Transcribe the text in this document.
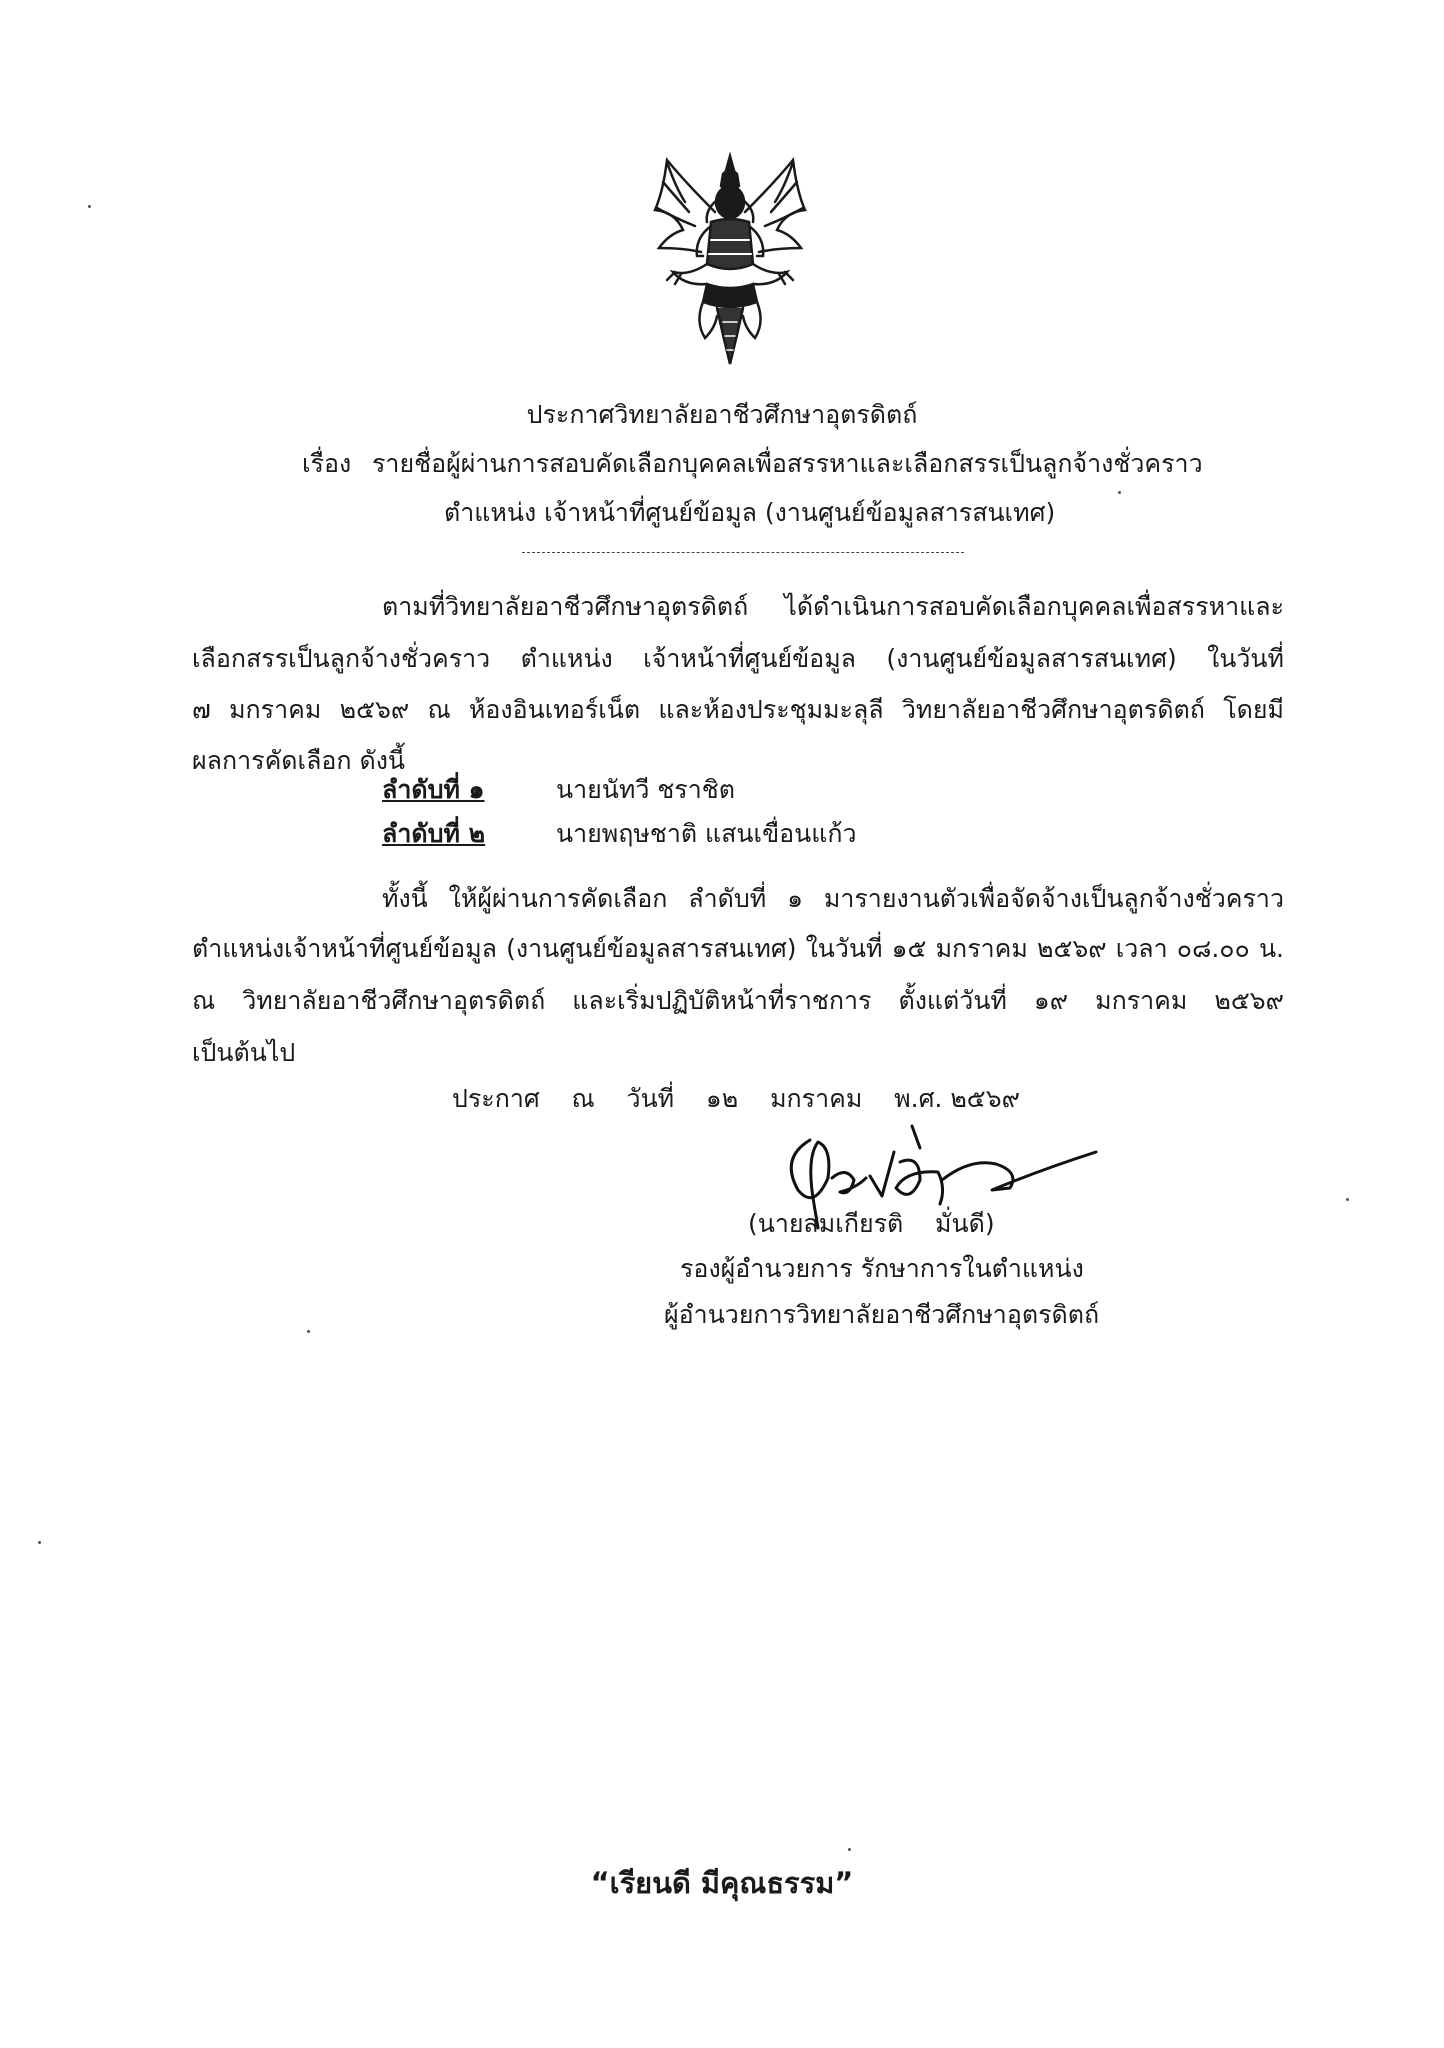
ประกาศวิทยาลัยอาชีวศึกษาอุตรดิตถ์
เรื่อง รายชื่อผู้ผ่านการสอบคัดเลือกบุคคลเพื่อสรรหาและเลือกสรรเป็นลูกจ้างชั่วคราว
ตำแหน่ง เจ้าหน้าที่ศูนย์ข้อมูล (งานศูนย์ข้อมูลสารสนเทศ)
ตามที่วิทยาลัยอาชีวศึกษาอุตรดิตถ์ ได้ดำเนินการสอบคัดเลือกบุคคลเพื่อสรรหาและ
เลือกสรรเป็นลูกจ้างชั่วคราว ตำแหน่ง เจ้าหน้าที่ศูนย์ข้อมูล (งานศูนย์ข้อมูลสารสนเทศ) ในวันที่
๗ มกราคม ๒๕๖๙ ณ ห้องอินเทอร์เน็ต และห้องประชุมมะลุลี วิทยาลัยอาชีวศึกษาอุตรดิตถ์ โดยมี
ผลการคัดเลือก ดังนี้
ลำดับที่ ๑	นายนัทวี ชราชิต
ลำดับที่ ๒	นายพฤษชาติ แสนเขื่อนแก้ว
ทั้งนี้ ให้ผู้ผ่านการคัดเลือก ลำดับที่ ๑ มารายงานตัวเพื่อจัดจ้างเป็นลูกจ้างชั่วคราว
ตำแหน่งเจ้าหน้าที่ศูนย์ข้อมูล (งานศูนย์ข้อมูลสารสนเทศ) ในวันที่ ๑๕ มกราคม ๒๕๖๙ เวลา ๐๘.๐๐ น.
ณ วิทยาลัยอาชีวศึกษาอุตรดิตถ์ และเริ่มปฏิบัติหน้าที่ราชการ ตั้งแต่วันที่ ๑๙ มกราคม ๒๕๖๙
เป็นต้นไป
ประกาศ    ณ    วันที่    ๑๒    มกราคม    พ.ศ. ๒๕๖๙
(นายสมเกียรติ    มั่นดี)
รองผู้อำนวยการ รักษาการในตำแหน่ง
ผู้อำนวยการวิทยาลัยอาชีวศึกษาอุตรดิตถ์
“เรียนดี มีคุณธรรม”
